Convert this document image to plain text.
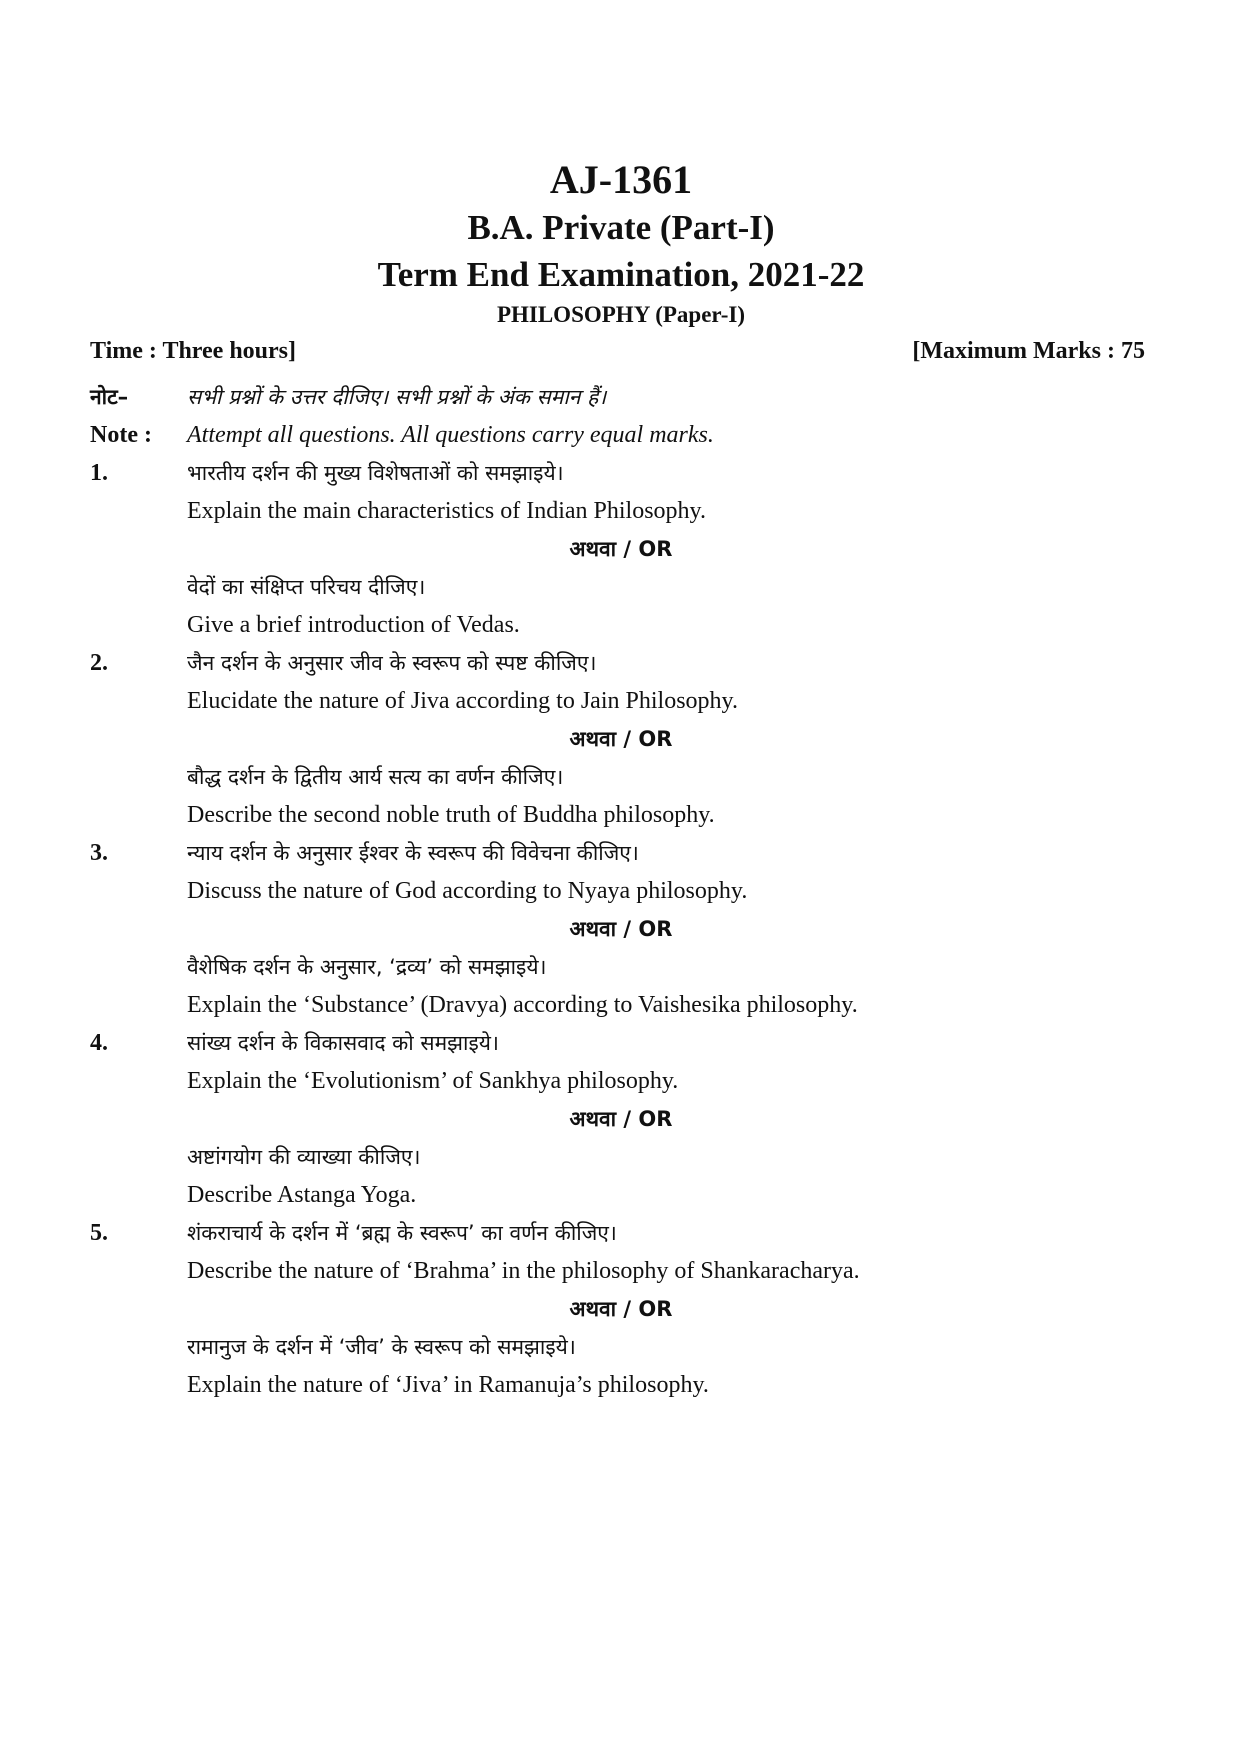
AJ-1361
B.A. Private (Part-I)
Term End Examination, 2021-22
PHILOSOPHY (Paper-I)
Time : Three hours]	[Maximum Marks : 75
नोट–	सभी प्रश्नों के उत्तर दीजिए। सभी प्रश्नों के अंक समान हैं।
Note : Attempt all questions. All questions carry equal marks.
1.	भारतीय दर्शन की मुख्य विशेषताओं को समझाइये।
Explain the main characteristics of Indian Philosophy.
अथवा / OR
वेदों का संक्षिप्त परिचय दीजिए।
Give a brief introduction of Vedas.
2.	जैन दर्शन के अनुसार जीव के स्वरूप को स्पष्ट कीजिए।
Elucidate the nature of Jiva according to Jain Philosophy.
अथवा / OR
बौद्ध दर्शन के द्वितीय आर्य सत्य का वर्णन कीजिए।
Describe the second noble truth of Buddha philosophy.
3.	न्याय दर्शन के अनुसार ईश्वर के स्वरूप की विवेचना कीजिए।
Discuss the nature of God according to Nyaya philosophy.
अथवा / OR
वैशेषिक दर्शन के अनुसार, ‘द्रव्य’ को समझाइये।
Explain the ‘Substance’ (Dravya) according to Vaishesika philosophy.
4.	सांख्य दर्शन के विकासवाद को समझाइये।
Explain the ‘Evolutionism’ of Sankhya philosophy.
अथवा / OR
अष्टांगयोग की व्याख्या कीजिए।
Describe Astanga Yoga.
5.	शंकराचार्य के दर्शन में ‘ब्रह्म के स्वरूप’ का वर्णन कीजिए।
Describe the nature of ‘Brahma’ in the philosophy of Shankaracharya.
अथवा / OR
रामानुज के दर्शन में ‘जीव’ के स्वरूप को समझाइये।
Explain the nature of ‘Jiva’ in Ramanuja’s philosophy.
